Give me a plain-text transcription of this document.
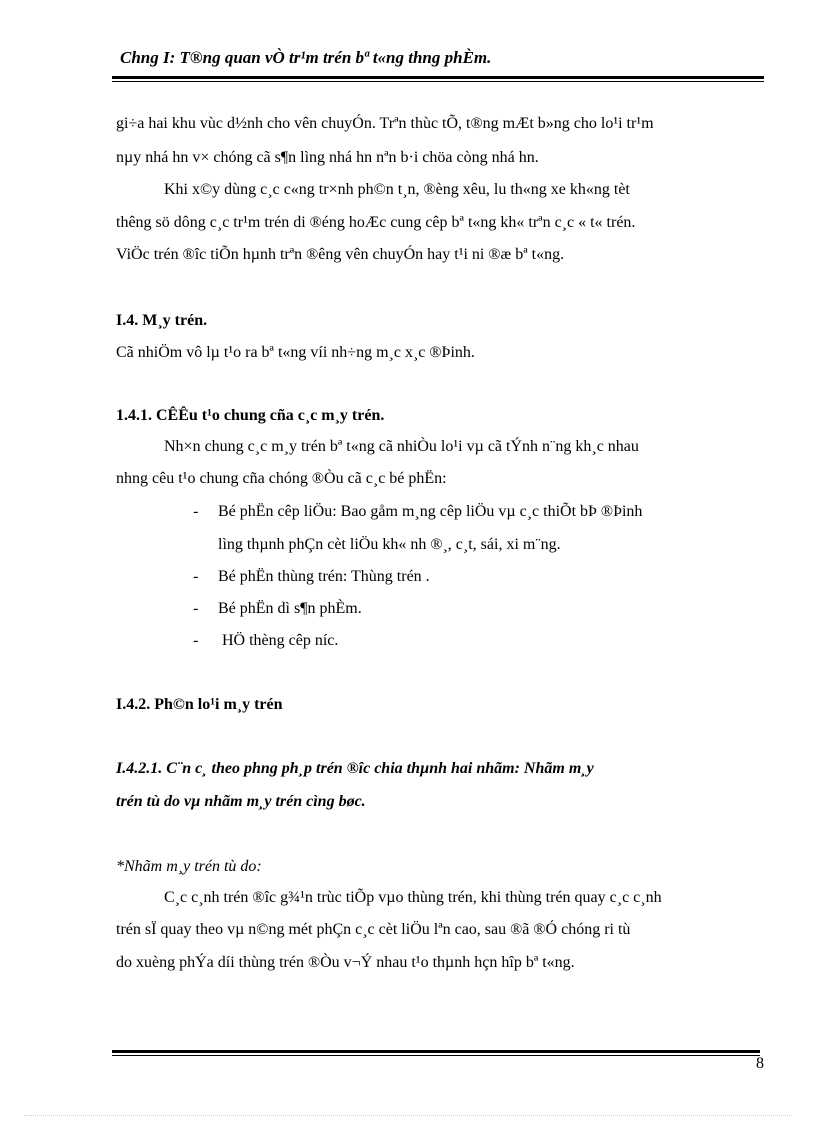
Chng I: T®ng quan vÒ tr¹m trén bª t«ng thng phÈm.
gi÷a hai khu vùc d½nh cho vên chuyÓn. Trªn thùc tÕ, t®ng mÆt b»ng cho lo¹i tr¹m
nµy nhá hn v× chóng cã s¶n lìng nhá hn nªn b·i chöa còng nhá hn.
Khi x©y dùng c¸c c«ng tr×nh ph©n t¸n, ®èng xêu, lu th«ng xe kh«ng tèt
thêng sö dông c¸c tr¹m trén di ®éng hoÆc cung cêp bª t«ng kh« trªn c¸c « t« trén.
ViÖc trén ®îc tiÕn hµnh trªn ®êng vên chuyÓn hay t¹i ni ®æ bª t«ng.
I.4. M¸y trén.
Cã nhiÖm vô lµ t¹o ra bª t«ng víi nh÷ng m¸c x¸c ®Þinh.
1.4.1. CÊÊu t¹o chung cña c¸c m¸y trén.
Nh×n chung c¸c m¸y trén bª t«ng cã nhiÒu lo¹i vµ cã tÝnh n¨ng kh¸c nhau
nhng cêu t¹o chung cña chóng ®Òu cã c¸c bé phËn:
- Bé phËn cêp liÖu: Bao gåm m¸ng cêp liÖu vµ c¸c thiÕt bÞ ®Þinh
lìng thµnh phÇn cèt liÖu kh« nh ®¸, c¸t, sái, xi m¨ng.
- Bé phËn thùng trén: Thùng trén .
- Bé phËn dì s¶n phÈm.
- HÖ thèng cêp níc.
I.4.2. Ph©n lo¹i m¸y trén
I.4.2.1. C¨n c¸ theo phng ph¸p trén ®îc chia thµnh hai nhãm: Nhãm m¸y
trén tù do vµ nhãm m¸y trén cìng bøc.
*Nhãm m¸y trén tù do:
C¸c c¸nh trén ®îc g¾¹n trùc tiÕp vµo thùng trén, khi thùng trén quay c¸c c¸nh
trén sÏ quay theo vµ n©ng mét phÇn c¸c cèt liÖu lªn cao, sau ®ã ®Ó chóng ri tù
do xuèng phÝa díi thùng trén ®Òu v¬Ý nhau t¹o thµnh hçn hîp bª t«ng.
8
